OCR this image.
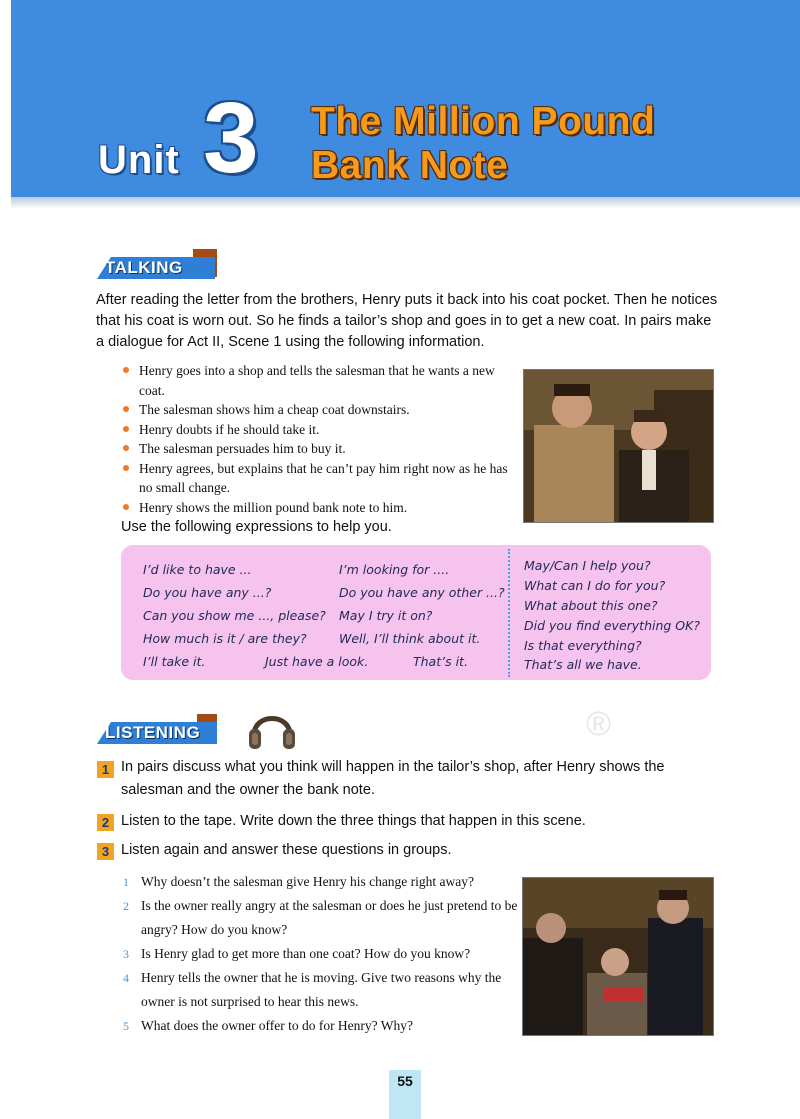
Unit 3 The Million Pound
Bank Note
TALKING
After reading the letter from the brothers, Henry puts it back into his coat pocket. Then he notices that his coat is worn out. So he finds a tailor’s shop and goes in to get a new coat. In pairs make a dialogue for Act II, Scene 1 using the following information.
Henry goes into a shop and tells the salesman that he wants a new coat.
The salesman shows him a cheap coat downstairs.
Henry doubts if he should take it.
The salesman persuades him to buy it.
Henry agrees, but explains that he can’t pay him right now as he has no small change.
Henry shows the million pound bank note to him.
Use the following expressions to help you.
I’d like to have ...
Do you have any ...?
Can you show me ..., please?
How much is it / are they?
I’m looking for ....
Do you have any other ...?
May I try it on?
Well, I’ll think about it.
I’ll take it.	Just have a look.	That’s it.
May/Can I help you?
What can I do for you?
What about this one?
Did you find everything OK?
Is that everything?
That’s all we have.
LISTENING	®
1 In pairs discuss what you think will happen in the tailor’s shop, after Henry shows the salesman and the owner the bank note.
2 Listen to the tape. Write down the three things that happen in this scene.
3 Listen again and answer these questions in groups.
1 Why doesn’t the salesman give Henry his change right away?
2 Is the owner really angry at the salesman or does he just pretend to be angry? How do you know?
3 Is Henry glad to get more than one coat? How do you know?
4 Henry tells the owner that he is moving. Give two reasons why the owner is not surprised to hear this news.
5 What does the owner offer to do for Henry? Why?
55
